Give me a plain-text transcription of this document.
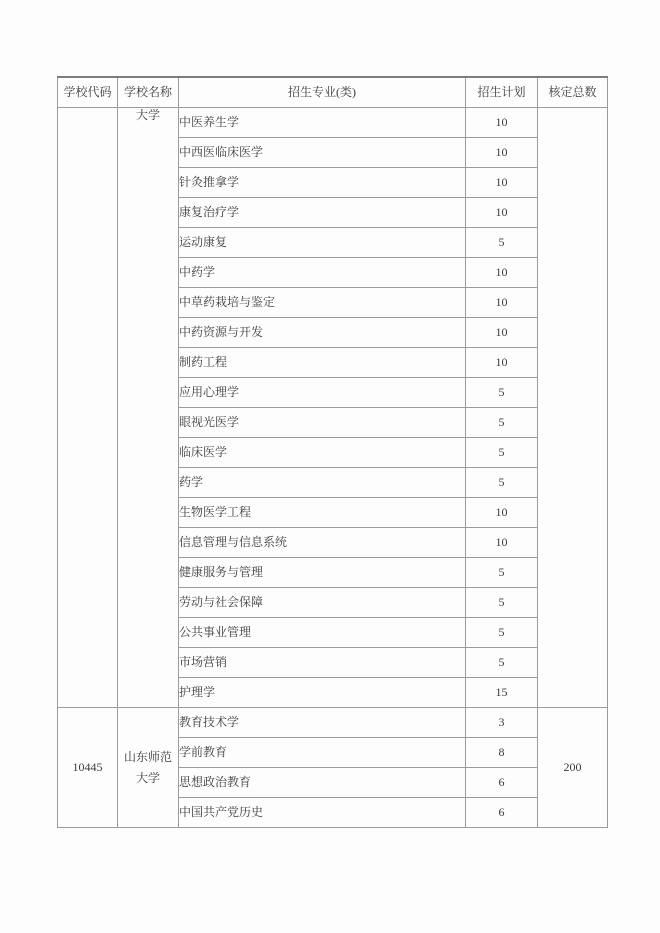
学校代码	学校名称	招生专业(类)	招生计划	核定总数
	大学	中医养生学	10	
		中西医临床医学	10	
		针灸推拿学	10	
		康复治疗学	10	
		运动康复	5	
		中药学	10	
		中草药栽培与鉴定	10	
		中药资源与开发	10	
		制药工程	10	
		应用心理学	5	
		眼视光医学	5	
		临床医学	5	
		药学	5	
		生物医学工程	10	
		信息管理与信息系统	10	
		健康服务与管理	5	
		劳动与社会保障	5	
		公共事业管理	5	
		市场营销	5	
		护理学	15	
10445	山东师范大学	教育技术学	3	200
		学前教育	8	
		思想政治教育	6	
		中国共产党历史	6	
